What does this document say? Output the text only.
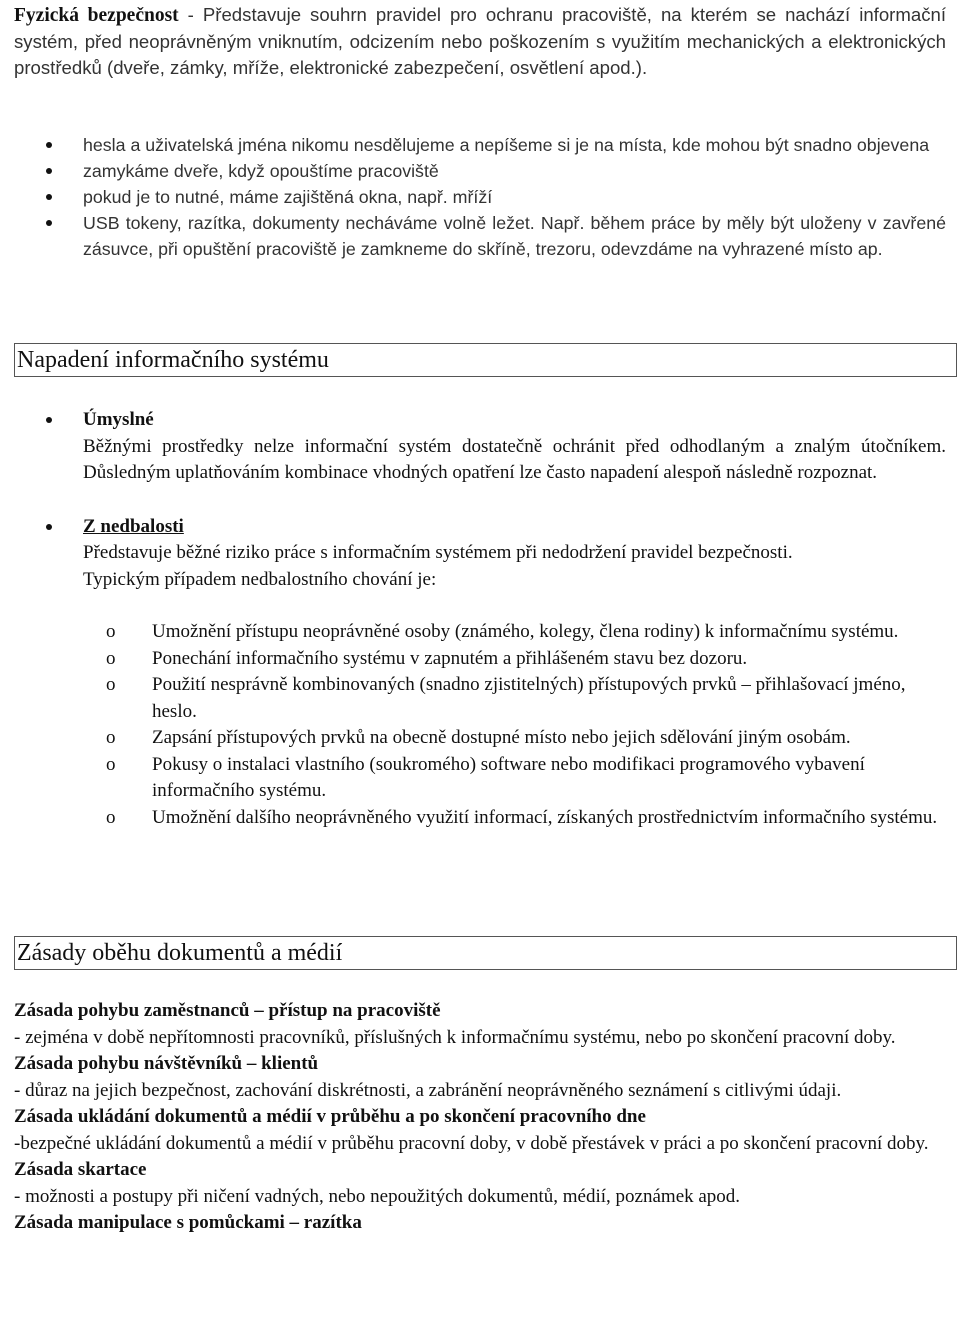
Fyzická bezpečnost - Představuje souhrn pravidel pro ochranu pracoviště, na kterém se nachází informační systém, před neoprávněným vniknutím, odcizením nebo poškozením s využitím mechanických a elektronických prostředků (dveře, zámky, mříže, elektronické zabezpečení, osvětlení apod.).

hesla a uživatelská jména nikomu nesdělujeme a nepíšeme si je na místa, kde mohou být snadno objevena
zamykáme dveře, když opouštíme pracoviště
pokud je to nutné, máme zajištěná okna, např. mříží
USB tokeny, razítka, dokumenty necháváme volně ležet. Např. během práce by měly být uloženy v zavřené zásuvce, při opuštění pracoviště je zamkneme do skříně, trezoru, odevzdáme na vyhrazené místo ap.
Napadení informačního systému

Úmyslné

Běžnými prostředky nelze informační systém dostatečně ochránit před odhodlaným a znalým útočníkem. Důsledným uplatňováním kombinace vhodných opatření lze často napadení alespoň následně rozpoznat.

Z nedbalosti

Představuje běžné riziko práce s informačním systémem při nedodržení pravidel bezpečnosti.

Typickým případem nedbalostního chování je:

o Umožnění přístupu neoprávněné osoby (známého, kolegy, člena rodiny) k informačnímu systému.
o Ponechání informačního systému v zapnutém a přihlášeném stavu bez dozoru.
o Použití nesprávně kombinovaných (snadno zjistitelných) přístupových prvků – přihlašovací jméno, heslo.
o Zapsání přístupových prvků na obecně dostupné místo nebo jejich sdělování jiným osobám.
o Pokusy o instalaci vlastního (soukromého) software nebo modifikaci programového vybavení informačního systému.
o Umožnění dalšího neoprávněného využití informací, získaných prostřednictvím informačního systému.
Zásady oběhu dokumentů a médií

Zásada pohybu zaměstnanců – přístup na pracoviště

- zejména v době nepřítomnosti pracovníků, příslušných k informačnímu systému, nebo po skončení pracovní doby.

Zásada pohybu návštěvníků – klientů

- důraz na jejich bezpečnost, zachování diskrétnosti, a zabránění neoprávněného seznámení s citlivými údaji.

Zásada ukládání dokumentů a médií v průběhu a po skončení pracovního dne

-bezpečné ukládání dokumentů a médií v průběhu pracovní doby, v době přestávek v práci a po skončení pracovní doby.

Zásada skartace

- možnosti a postupy při ničení vadných, nebo nepoužitých dokumentů, médií, poznámek apod.

Zásada manipulace s pomůckami – razítka
